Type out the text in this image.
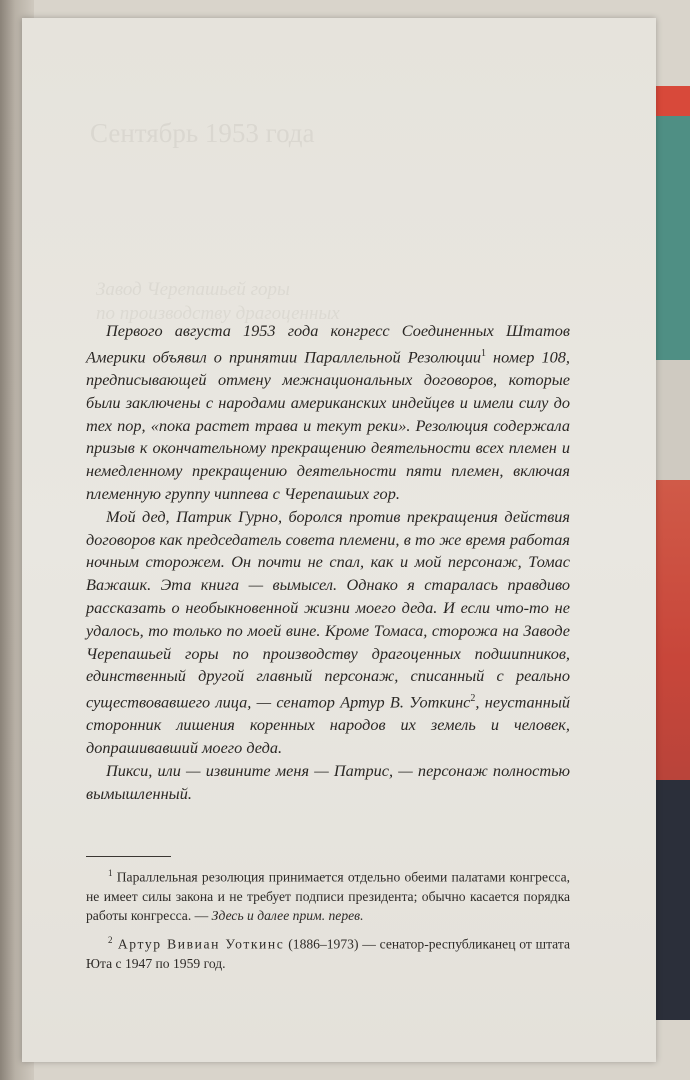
Сентябрь 1953 года
Завод Черепашьей горы
по производству драгоценных

Первого августа 1953 года конгресс Соединенных Штатов Америки объявил о принятии Параллельной Резолюции$^1$ номер 108, предписывающей отмену межнациональных договоров, которые были заключены с народами американских индейцев и имели силу до тех пор, «пока растет трава и текут реки». Резолюция содержала призыв к окончательному прекращению деятельности всех племен и немедленному прекращению деятельности пяти племен, включая племенную группу чиппева с Черепашьих гор.

Мой дед, Патрик Гурно, боролся против прекращения действия договоров как председатель совета племени, в то же время работая ночным сторожем. Он почти не спал, как и мой персонаж, Томас Важашк. Эта книга — вымысел. Однако я старалась правдиво рассказать о необыкновенной жизни моего деда. И если что-то не удалось, то только по моей вине. Кроме Томаса, сторожа на Заводе Черепашьей горы по производству драгоценных подшипников, единственный другой главный персонаж, списанный с реально существовавшего лица, — сенатор Артур В. Уоткинс$^2$, неустанный сторонник лишения коренных народов их земель и человек, допрашивавший моего деда.

Пикси, или — извините меня — Патрис, — персонаж полностью вымышленный.

$^1$ Параллельная резолюция принимается отдельно обеими палатами конгресса, не имеет силы закона и не требует подписи президента; обычно касается порядка работы конгресса. — Здесь и далее прим. перев.

$^2$ Артур Вивиан Уоткинс (1886–1973) — сенатор-республиканец от штата Юта с 1947 по 1959 год.
